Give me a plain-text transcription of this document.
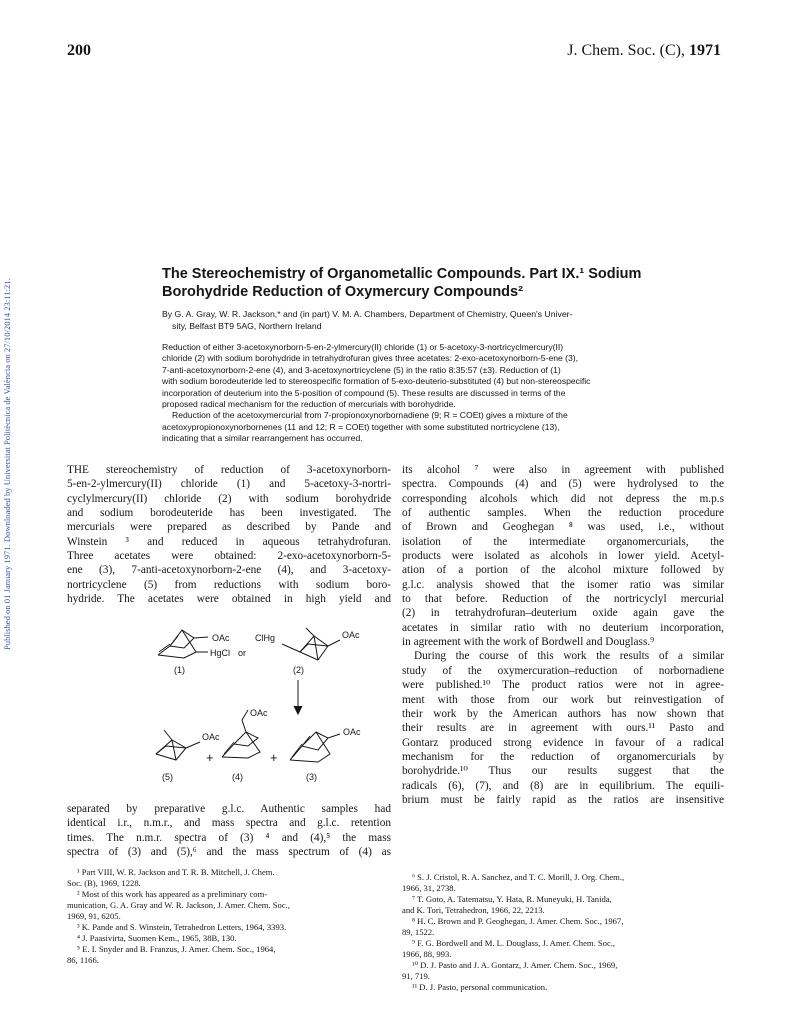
200	J. Chem. Soc. (C), 1971
Published on 01 January 1971. Downloaded by Universitat Politècnica de València on 27/10/2014 23:11:21.
The Stereochemistry of Organometallic Compounds. Part IX.¹ Sodium
Borohydride Reduction of Oxymercury Compounds²
By G. A. Gray, W. R. Jackson,* and (in part) V. M. A. Chambers, Department of Chemistry, Queen's Univer-
sity, Belfast BT9 5AG, Northern Ireland
Reduction of either 3-acetoxynorborn-5-en-2-ylmercury(II) chloride (1) or 5-acetoxy-3-nortricyclmercury(II)
chloride (2) with sodium borohydride in tetrahydrofuran gives three acetates: 2-exo-acetoxynorborn-5-ene (3),
7-anti-acetoxynorborn-2-ene (4), and 3-acetoxynortricyclene (5) in the ratio 8:35:57 (±3). Reduction of (1)
with sodium borodeuteride led to stereospecific formation of 5-exo-deuterio-substituted (4) but non-stereospecific
incorporation of deuterium into the 5-position of compound (5). These results are discussed in terms of the
proposed radical mechanism for the reduction of mercurials with borohydride.
Reduction of the acetoxymercurial from 7-propionoxynorbornadiene (9; R = COEt) gives a mixture of the
acetoxypropionoxynorbornenes (11 and 12; R = COEt) together with some substituted nortricyclene (13),
indicating that a similar rearrangement has occurred.
THE stereochemistry of reduction of 3-acetoxynorborn-
5-en-2-ylmercury(II) chloride (1) and 5-acetoxy-3-nortri-
cyclylmercury(II) chloride (2) with sodium borohydride
and sodium borodeuteride has been investigated. The
mercurials were prepared as described by Pande and
Winstein ³ and reduced in aqueous tetrahydrofuran.
Three acetates were obtained: 2-exo-acetoxynorborn-5-
ene (3), 7-anti-acetoxynorborn-2-ene (4), and 3-acetoxy-
nortricyclene (5) from reductions with sodium boro-
hydride. The acetates were obtained in high yield and
OAc
HgCl or
ClHg	OAc
(1)	(2)
OAc
OAc	OAc
+	+
(5)	(4)	(3)
separated by preparative g.l.c. Authentic samples had
identical i.r., n.m.r., and mass spectra and g.l.c. retention
times. The n.m.r. spectra of (3) ⁴ and (4),⁵ the mass
spectra of (3) and (5),⁶ and the mass spectrum of (4) as
its alcohol ⁷ were also in agreement with published
spectra. Compounds (4) and (5) were hydrolysed to the
corresponding alcohols which did not depress the m.p.s
of authentic samples. When the reduction procedure
of Brown and Geoghegan ⁸ was used, i.e., without
isolation of the intermediate organomercurials, the
products were isolated as alcohols in lower yield. Acetyl-
ation of a portion of the alcohol mixture followed by
g.l.c. analysis showed that the isomer ratio was similar
to that before. Reduction of the nortricyclyl mercurial
(2) in tetrahydrofuran–deuterium oxide again gave the
acetates in similar ratio with no deuterium incorporation,
in agreement with the work of Bordwell and Douglass.⁹
During the course of this work the results of a similar
study of the oxymercuration–reduction of norbornadiene
were published.¹⁰ The product ratios were not in agree-
ment with those from our work but reinvestigation of
their work by the American authors has now shown that
their results are in agreement with ours.¹¹ Pasto and
Gontarz produced strong evidence in favour of a radical
mechanism for the reduction of organomercurials by
borohydride.¹⁰ Thus our results suggest that the
radicals (6), (7), and (8) are in equilibrium. The equili-
brium must be fairly rapid as the ratios are insensitive
¹ Part VIII, W. R. Jackson and T. R. B. Mitchell, J. Chem.
Soc. (B), 1969, 1228.
² Most of this work has appeared as a preliminary com-
munication, G. A. Gray and W. R. Jackson, J. Amer. Chem. Soc.,
1969, 91, 6205.
³ K. Pande and S. Winstein, Tetrahedron Letters, 1964, 3393.
⁴ J. Paasivirta, Suomen Kem., 1965, 38B, 130.
⁵ E. I. Snyder and B. Franzus, J. Amer. Chem. Soc., 1964,
86, 1166.
⁶ S. J. Cristol, R. A. Sanchez, and T. C. Morill, J. Org. Chem.,
1966, 31, 2738.
⁷ T. Goto, A. Tatematsu, Y. Hata, R. Muneyuki, H. Tanida,
and K. Tori, Tetrahedron, 1966, 22, 2213.
⁸ H. C. Brown and P. Geoghegan, J. Amer. Chem. Soc., 1967,
89, 1522.
⁹ F. G. Bordwell and M. L. Douglass, J. Amer. Chem. Soc.,
1966, 88, 993.
¹⁰ D. J. Pasto and J. A. Gontarz, J. Amer. Chem. Soc., 1969,
91, 719.
¹¹ D. J. Pasto, personal communication.
